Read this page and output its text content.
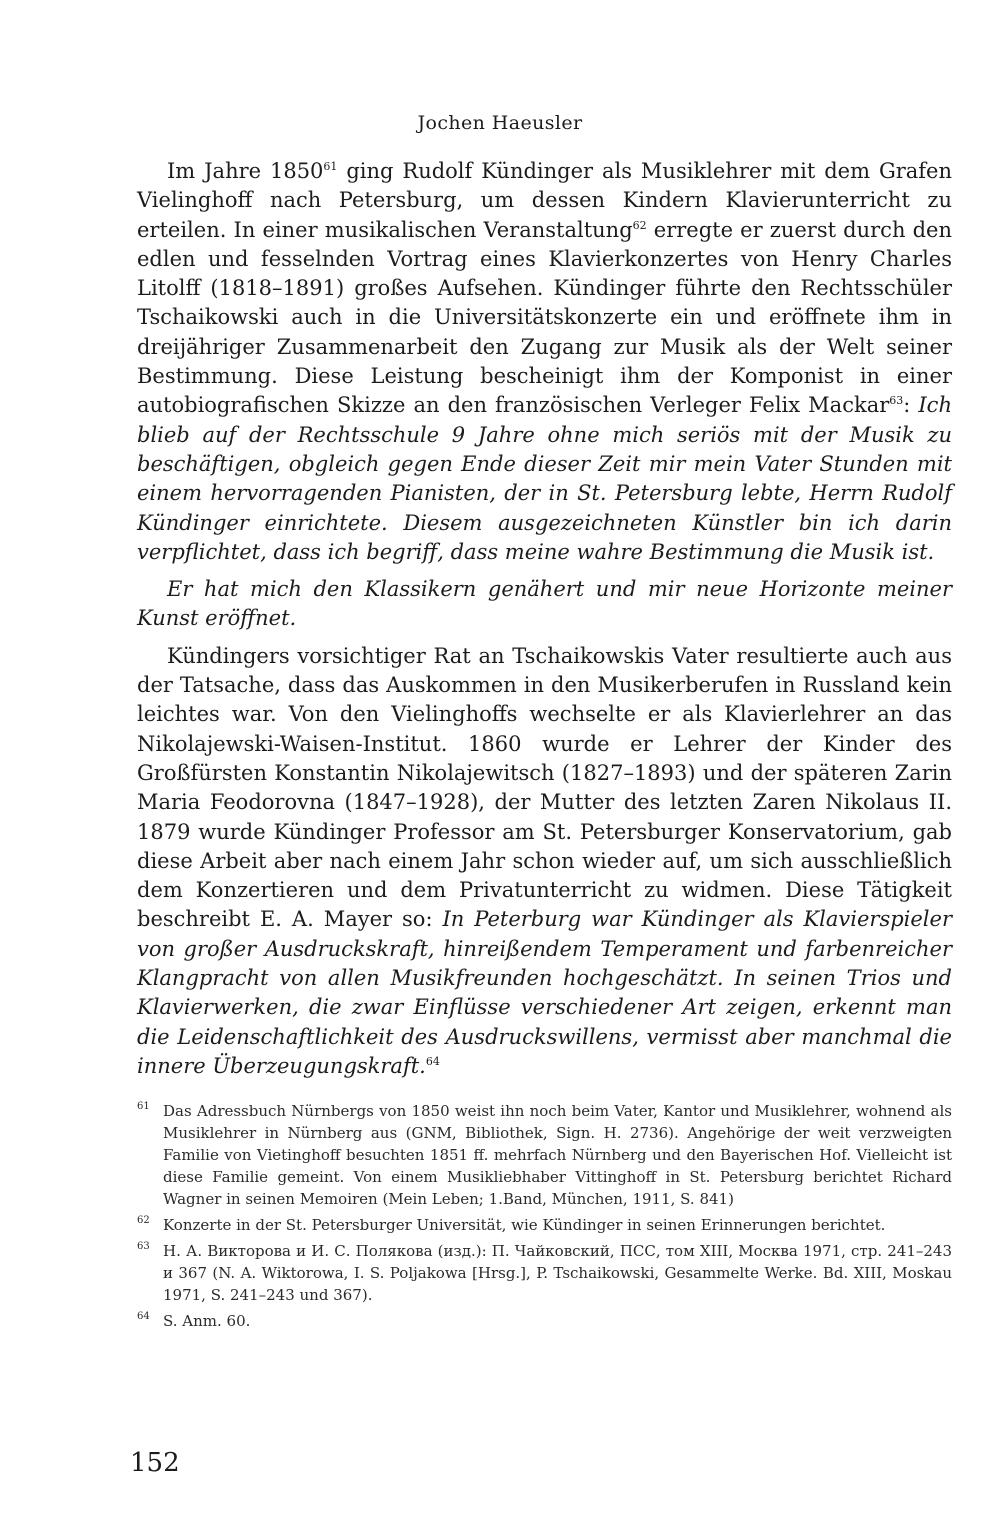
Jochen Haeusler

Im Jahre 1850$^{61}$ ging Rudolf Kündinger als Musiklehrer mit dem Grafen Vielinghoff nach Petersburg, um dessen Kindern Klavierunterricht zu erteilen. In einer musikalischen Veranstaltung$^{62}$ erregte er zuerst durch den edlen und fesselnden Vortrag eines Klavierkonzertes von Henry Charles Litolff (1818–1891) großes Aufsehen. Kündinger führte den Rechtsschüler Tschaikowski auch in die Universitätskonzerte ein und eröffnete ihm in dreijähriger Zusammenarbeit den Zugang zur Musik als der Welt seiner Bestimmung. Diese Leistung bescheinigt ihm der Komponist in einer autobiografischen Skizze an den französischen Verleger Felix Mackar$^{63}$: Ich blieb auf der Rechtsschule 9 Jahre ohne mich seriös mit der Musik zu beschäftigen, obgleich gegen Ende dieser Zeit mir mein Vater Stunden mit einem hervorragenden Pianisten, der in St. Petersburg lebte, Herrn Rudolf Kündinger einrichtete. Diesem ausgezeichneten Künstler bin ich darin verpflichtet, dass ich begriff, dass meine wahre Bestimmung die Musik ist.

Er hat mich den Klassikern genähert und mir neue Horizonte meiner Kunst eröffnet.

Kündingers vorsichtiger Rat an Tschaikowskis Vater resultierte auch aus der Tatsache, dass das Auskommen in den Musikerberufen in Russland kein leichtes war. Von den Vielinghoffs wechselte er als Klavierlehrer an das Nikolajewski-Waisen-Institut. 1860 wurde er Lehrer der Kinder des Großfürsten Konstantin Nikolajewitsch (1827–1893) und der späteren Zarin Maria Feodorovna (1847–1928), der Mutter des letzten Zaren Nikolaus II. 1879 wurde Kündinger Professor am St. Petersburger Konservatorium, gab diese Arbeit aber nach einem Jahr schon wieder auf, um sich ausschließlich dem Konzertieren und dem Privatunterricht zu widmen. Diese Tätigkeit beschreibt E. A. Mayer so: In Peterburg war Kündinger als Klavierspieler von großer Ausdruckskraft, hinreißendem Temperament und farbenreicher Klangpracht von allen Musikfreunden hochgeschätzt. In seinen Trios und Klavierwerken, die zwar Einflüsse verschiedener Art zeigen, erkennt man die Leidenschaftlichkeit des Ausdruckswillens, vermisst aber manchmal die innere Überzeugungskraft.$^{64}$

61 Das Adressbuch Nürnbergs von 1850 weist ihn noch beim Vater, Kantor und Musiklehrer, wohnend als Musiklehrer in Nürnberg aus (GNM, Bibliothek, Sign. H. 2736). Angehörige der weit verzweigten Familie von Vietinghoff besuchten 1851 ff. mehrfach Nürnberg und den Bayerischen Hof. Vielleicht ist diese Familie gemeint. Von einem Musikliebhaber Vittinghoff in St. Petersburg berichtet Richard Wagner in seinen Memoiren (Mein Leben; 1.Band, München, 1911, S. 841)
62 Konzerte in der St. Petersburger Universität, wie Kündinger in seinen Erinnerungen berichtet.
63 Н. А. Викторова и И. С. Полякова (изд.): П. Чайковский, ПСС, том XIII, Москва 1971, стр. 241–243 и 367 (N. A. Wiktorowa, I. S. Poljakowa [Hrsg.], P. Tschaikowski, Gesammelte Werke. Bd. XIII, Moskau 1971, S. 241–243 und 367).
64 S. Anm. 60.
152
